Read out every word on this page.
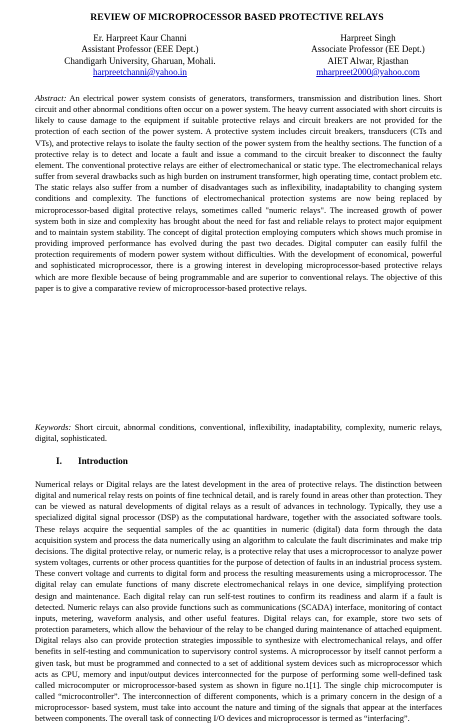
REVIEW OF MICROPROCESSOR BASED PROTECTIVE RELAYS
Er. Harpreet Kaur Channi
Assistant Professor (EEE Dept.)
Chandigarh University, Gharuan, Mohali.
harpreetchanni@yahoo.in
Harpreet Singh
Associate Professor (EE Dept.)
AIET Alwar, Rjasthan
mharpreet2000@yahoo.com

Abstract: An electrical power system consists of generators, transformers, transmission and distribution lines. Short circuit and other abnormal conditions often occur on a power system. The heavy current associated with short circuits is likely to cause damage to the equipment if suitable protective relays and circuit breakers are not provided for the protection of each section of the power system. A protective system includes circuit breakers, transducers (CTs and VTs), and protective relays to isolate the faulty section of the power system from the healthy sections. The function of a protective relay is to detect and locate a fault and issue a command to the circuit breaker to disconnect the faulty element. The conventional protective relays are either of electromechanical or static type. The electromechanical relays suffer from several drawbacks such as high burden on instrument transformer, high operating time, contact problem etc. The static relays also suffer from a number of disadvantages such as inflexibility, inadaptability to changing system conditions and complexity. The functions of electromechanical protection systems are now being replaced by microprocessor-based digital protective relays, sometimes called "numeric relays". The increased growth of power system both in size and complexity has brought about the need for fast and reliable relays to protect major equipment and to maintain system stability. The concept of digital protection employing computers which shows much promise in providing improved performance has evolved during the past two decades. Digital computer can easily fulfil the protection requirements of modern power system without difficulties. With the development of economical, powerful and sophisticated microprocessor, there is a growing interest in developing microprocessor-based protective relays which are more flexible because of being programmable and are superior to conventional relays. The objective of this paper is to give a comparative review of microprocessor-based protective relays.

Keywords: Short circuit, abnormal conditions, conventional, inflexibility, inadaptability, complexity, numeric relays, digital, sophisticated.

I. Introduction

Numerical relays or Digital relays are the latest development in the area of protective relays. The distinction between digital and numerical relay rests on points of fine technical detail, and is rarely found in areas other than protection. They can be viewed as natural developments of digital relays as a result of advances in technology. Typically, they use a specialized digital signal processor (DSP) as the computational hardware, together with the associated software tools. These relays acquire the sequential samples of the ac quantities in numeric (digital) data form through the data acquisition system and process the data numerically using an algorithm to calculate the fault discriminates and make trip decisions. The digital protective relay, or numeric relay, is a protective relay that uses a microprocessor to analyze power system voltages, currents or other process quantities for the purpose of detection of faults in an industrial process system. These convert voltage and currents to digital form and process the resulting measurements using a microprocessor. The digital relay can emulate functions of many discrete electromechanical relays in one device, simplifying protection design and maintenance. Each digital relay can run self-test routines to confirm its readiness and alarm if a fault is detected. Numeric relays can also provide functions such as communications (SCADA) interface, monitoring of contact inputs, metering, waveform analysis, and other useful features. Digital relays can, for example, store two sets of protection parameters, which allow the behaviour of the relay to be changed during maintenance of attached equipment. Digital relays also can provide protection strategies impossible to synthesize with electromechanical relays, and offer benefits in self-testing and communication to supervisory control systems. A microprocessor by itself cannot perform a given task, but must be programmed and connected to a set of additional system devices such as microprocessor which acts as CPU, memory and input/output devices interconnected for the purpose of performing some well-defined task called microcomputer or microprocessor-based system as shown in figure no.1[1]. The single chip microcomputer is called “microcontroller”. The interconnection of different components, which is a primary concern in the design of a microprocessor- based system, must take into account the nature and timing of the signals that appear at the interfaces between components. The overall task of connecting I/O devices and microprocessor is termed as “interfacing”.
